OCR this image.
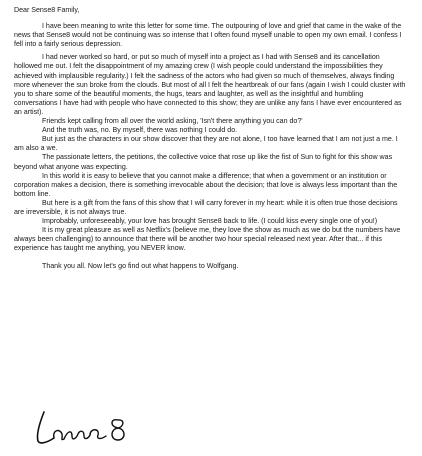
Dear Sense8 Family,

I have been meaning to write this letter for some time. The outpouring of love and grief that came in the wake of the news that Sense8 would not be continuing was so intense that I often found myself unable to open my own email. I confess I fell into a fairly serious depression.

I had never worked so hard, or put so much of myself into a project as I had with Sense8 and its cancellation hollowed me out. I felt the disappointment of my amazing crew (I wish people could understand the impossibilities they achieved with implausible regularity.) I felt the sadness of the actors who had given so much of themselves, always finding more whenever the sun broke from the clouds. But most of all I felt the heartbreak of our fans (again I wish I could cluster with you to share some of the beautiful moments, the hugs, tears and laughter, as well as the insightful and humbling conversations I have had with people who have connected to this show; they are unlike any fans I have ever encountered as an artist).

Friends kept calling from all over the world asking, 'Isn't there anything you can do?'

And the truth was, no. By myself, there was nothing I could do.

But just as the characters in our show discover that they are not alone, I too have learned that I am not just a me. I am also a we.

The passionate letters, the petitions, the collective voice that rose up like the fist of Sun to fight for this show was beyond what anyone was expecting.

In this world it is easy to believe that you cannot make a difference; that when a government or an institution or corporation makes a decision, there is something irrevocable about the decision; that love is always less important than the bottom line.

But here is a gift from the fans of this show that I will carry forever in my heart: while it is often true those decisions are irreversible, it is not always true.

Improbably, unforeseeably, your love has brought Sense8 back to life. (I could kiss every single one of you!)

It is my great pleasure as well as Netflix's (believe me, they love the show as much as we do but the numbers have always been challenging) to announce that there will be another two hour special released next year. After that... if this experience has taught me anything, you NEVER know.

Thank you all. Now let's go find out what happens to Wolfgang.
